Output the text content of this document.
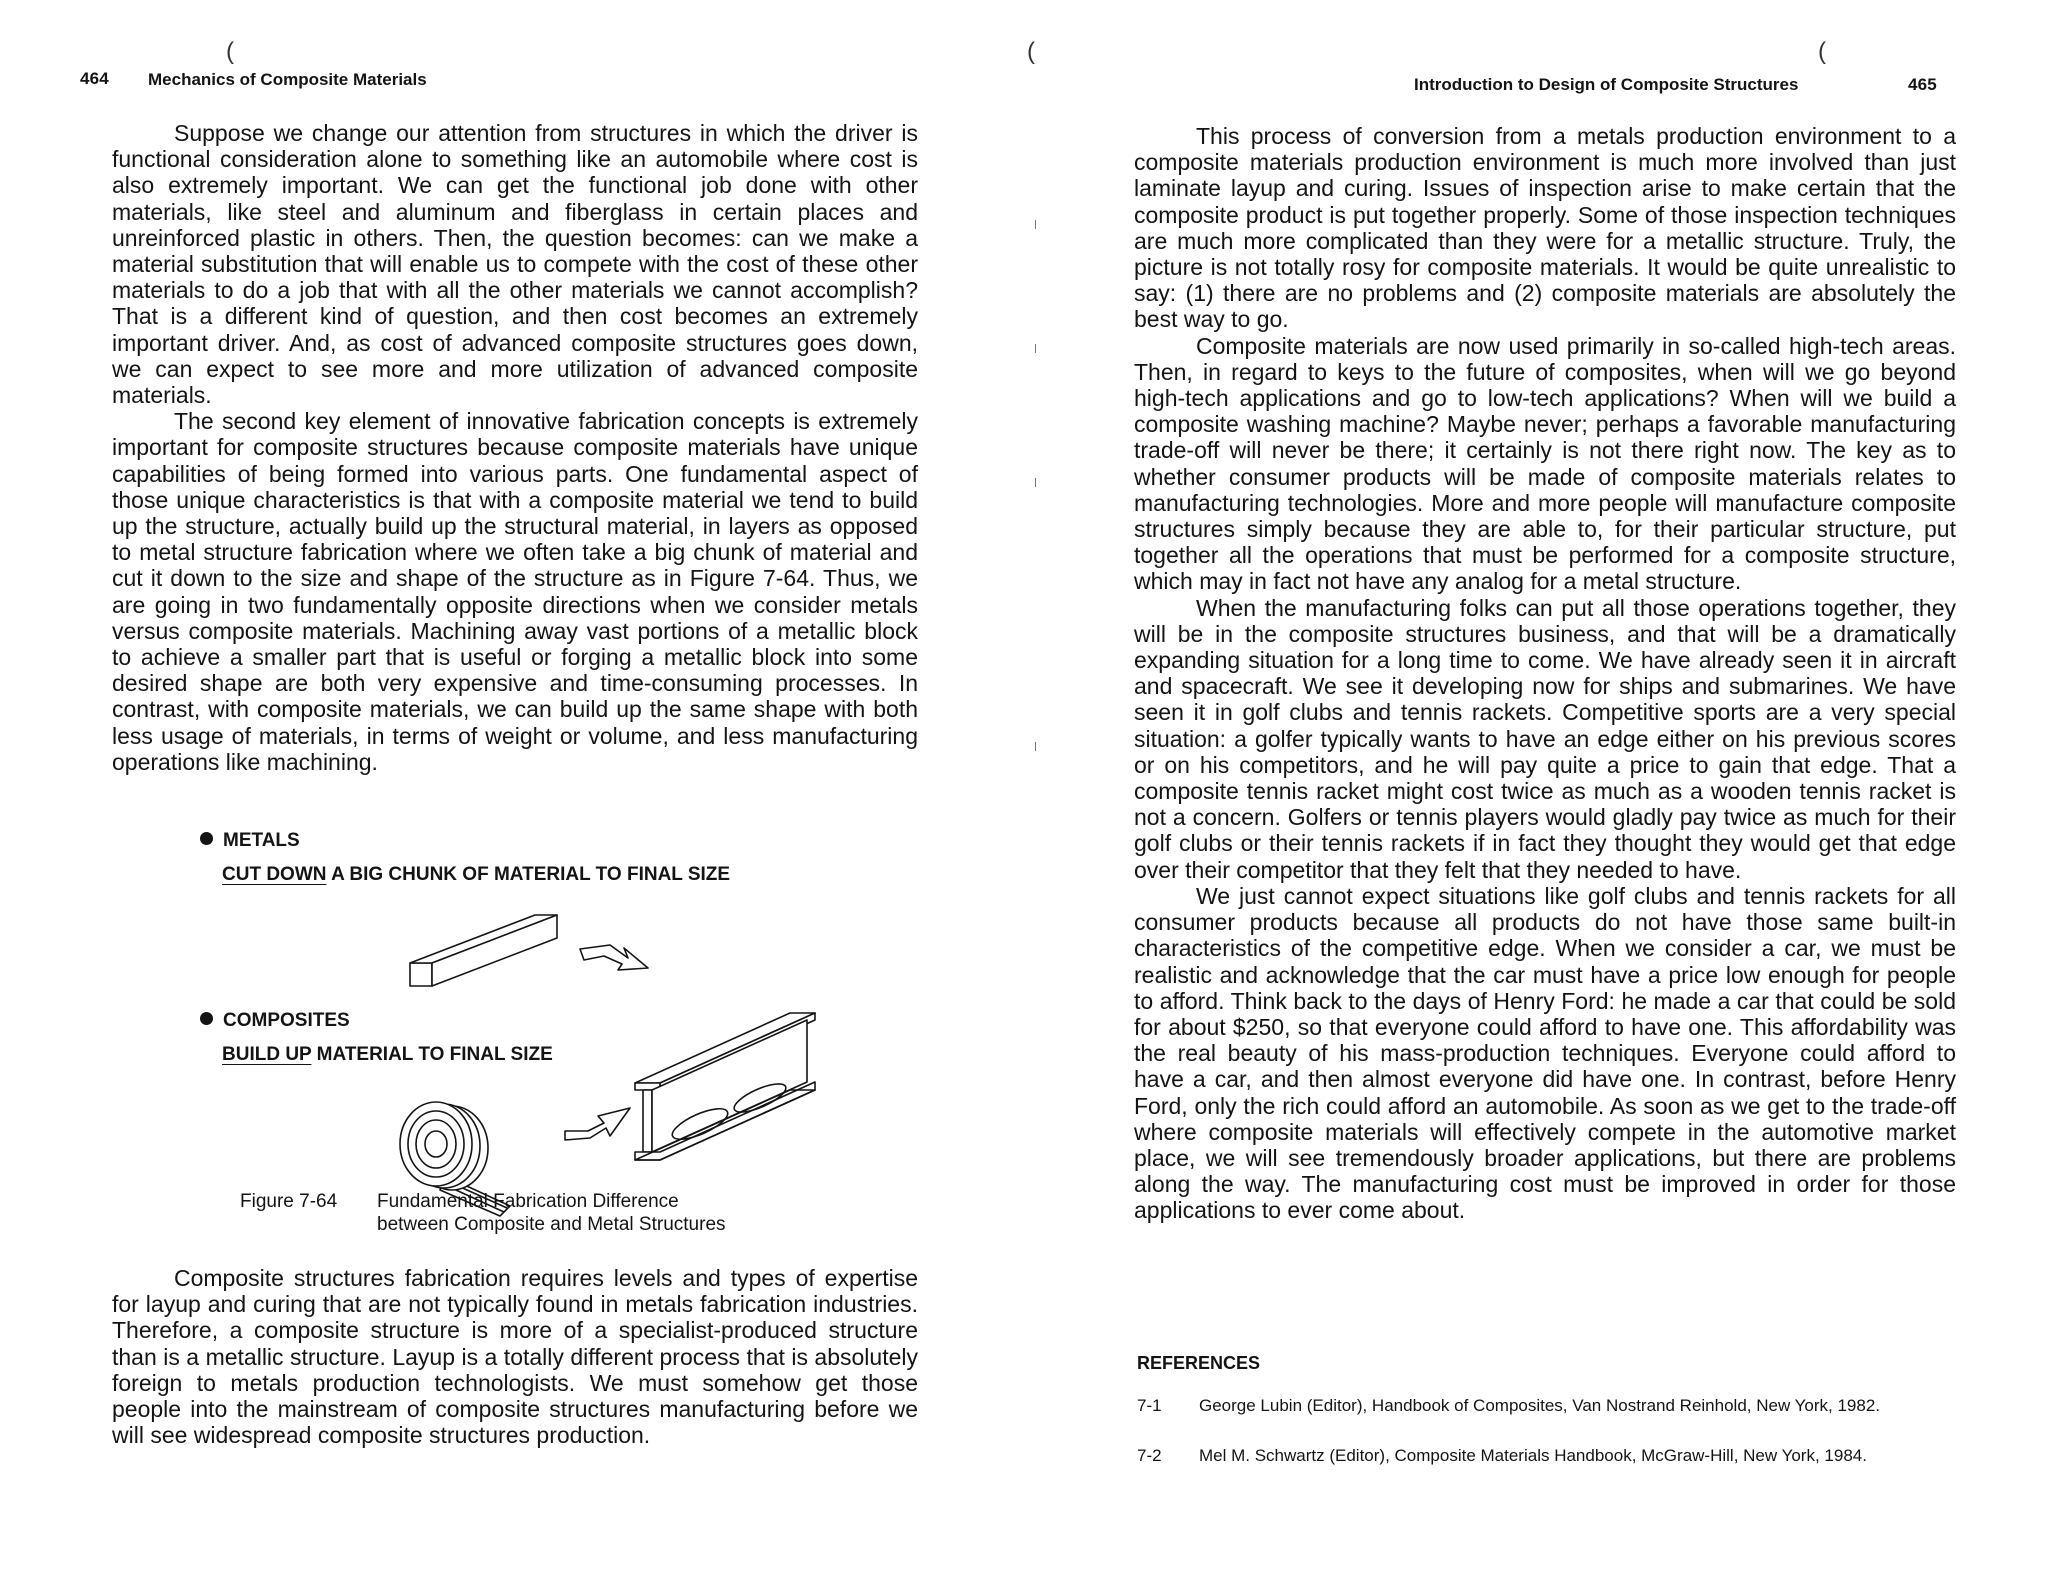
464 Mechanics of Composite Materials
(

Suppose we change our attention from structures in which the driver is functional consideration alone to something like an automobile where cost is also extremely important. We can get the functional job done with other materials, like steel and aluminum and fiberglass in certain places and unreinforced plastic in others. Then, the question becomes: can we make a material substitution that will enable us to compete with the cost of these other materials to do a job that with all the other materials we cannot accomplish? That is a different kind of question, and then cost becomes an extremely important driver. And, as cost of advanced composite structures goes down, we can expect to see more and more utilization of advanced composite materials.

The second key element of innovative fabrication concepts is extremely important for composite structures because composite materials have unique capabilities of being formed into various parts. One fundamental aspect of those unique characteristics is that with a composite material we tend to build up the structure, actually build up the structural material, in layers as opposed to metal structure fabrication where we often take a big chunk of material and cut it down to the size and shape of the structure as in Figure 7-64. Thus, we are going in two fundamentally opposite directions when we consider metals versus composite materials. Machining away vast portions of a metallic block to achieve a smaller part that is useful or forging a metallic block into some desired shape are both very expensive and time-consuming processes. In contrast, with composite materials, we can build up the same shape with both less usage of materials, in terms of weight or volume, and less manufacturing operations like machining.

METALS
CUT DOWN A BIG CHUNK OF MATERIAL TO FINAL SIZE
COMPOSITES
BUILD UP MATERIAL TO FINAL SIZE
Figure 7-64 Fundamental Fabrication Difference
between Composite and Metal Structures

Composite structures fabrication requires levels and types of expertise for layup and curing that are not typically found in metals fabrication industries. Therefore, a composite structure is more of a specialist-produced structure than is a metallic structure. Layup is a totally different process that is absolutely foreign to metals production technologists. We must somehow get those people into the mainstream of composite structures manufacturing before we will see widespread composite structures production.

(	(
Introduction to Design of Composite Structures	465

This process of conversion from a metals production environment to a composite materials production environment is much more involved than just laminate layup and curing. Issues of inspection arise to make certain that the composite product is put together properly. Some of those inspection techniques are much more complicated than they were for a metallic structure. Truly, the picture is not totally rosy for composite materials. It would be quite unrealistic to say: (1) there are no problems and (2) composite materials are absolutely the best way to go.

Composite materials are now used primarily in so-called high-tech areas. Then, in regard to keys to the future of composites, when will we go beyond high-tech applications and go to low-tech applications? When will we build a composite washing machine? Maybe never; perhaps a favorable manufacturing trade-off will never be there; it certainly is not there right now. The key as to whether consumer products will be made of composite materials relates to manufacturing technologies. More and more people will manufacture composite structures simply because they are able to, for their particular structure, put together all the operations that must be performed for a composite structure, which may in fact not have any analog for a metal structure.

When the manufacturing folks can put all those operations together, they will be in the composite structures business, and that will be a dramatically expanding situation for a long time to come. We have already seen it in aircraft and spacecraft. We see it developing now for ships and submarines. We have seen it in golf clubs and tennis rackets. Competitive sports are a very special situation: a golfer typically wants to have an edge either on his previous scores or on his competitors, and he will pay quite a price to gain that edge. That a composite tennis racket might cost twice as much as a wooden tennis racket is not a concern. Golfers or tennis players would gladly pay twice as much for their golf clubs or their tennis rackets if in fact they thought they would get that edge over their competitor that they felt that they needed to have.

We just cannot expect situations like golf clubs and tennis rackets for all consumer products because all products do not have those same built-in characteristics of the competitive edge. When we consider a car, we must be realistic and acknowledge that the car must have a price low enough for people to afford. Think back to the days of Henry Ford: he made a car that could be sold for about $250, so that everyone could afford to have one. This affordability was the real beauty of his mass-production techniques. Everyone could afford to have a car, and then almost everyone did have one. In contrast, before Henry Ford, only the rich could afford an automobile. As soon as we get to the trade-off where composite materials will effectively compete in the automotive market place, we will see tremendously broader applications, but there are problems along the way. The manufacturing cost must be improved in order for those applications to ever come about.

REFERENCES
7-1 George Lubin (Editor), Handbook of Composites, Van Nostrand Reinhold, New York, 1982.
7-2 Mel M. Schwartz (Editor), Composite Materials Handbook, McGraw-Hill, New York, 1984.
